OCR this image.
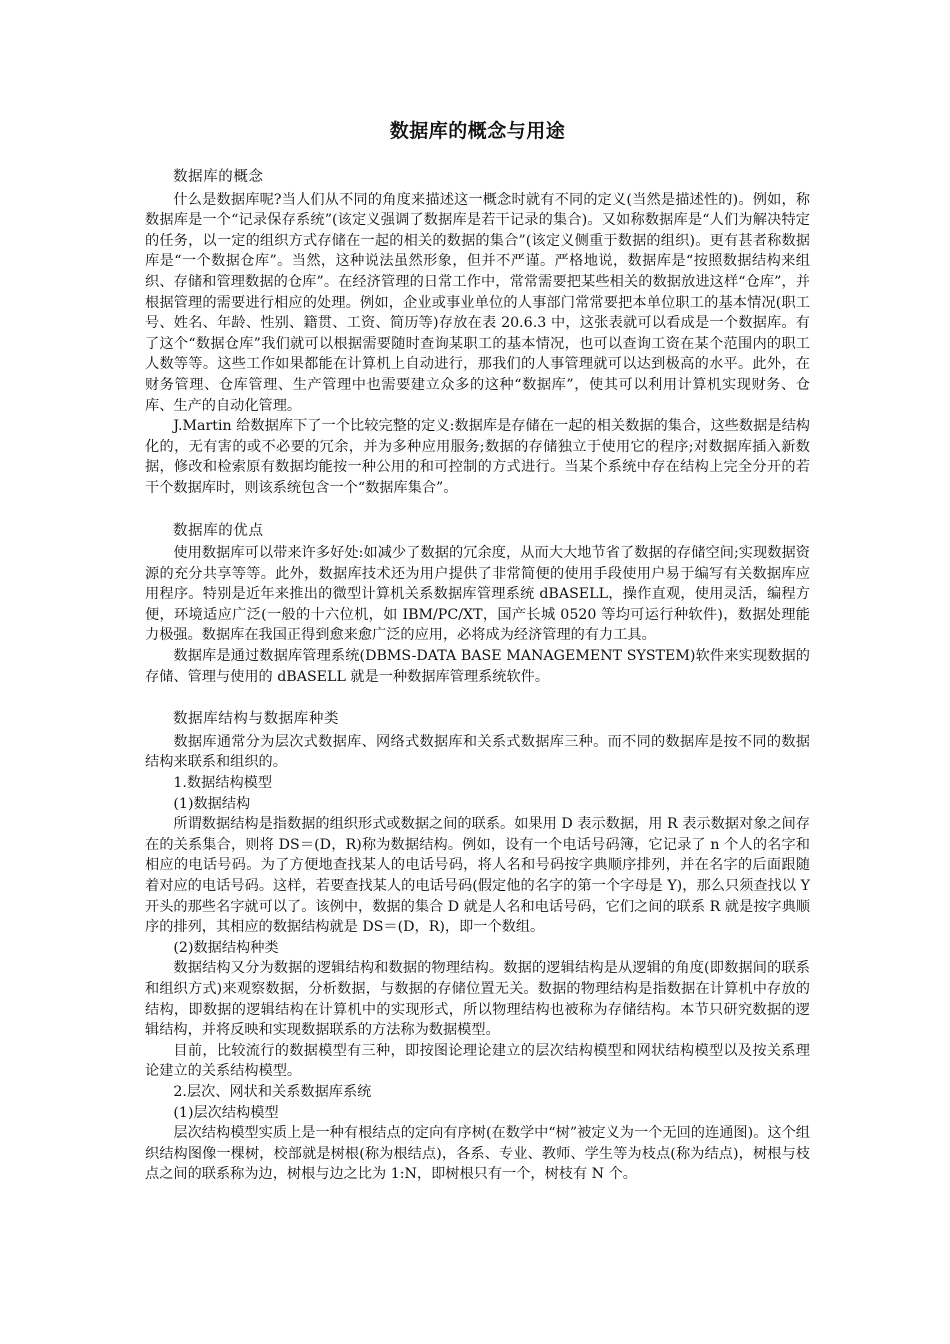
数据库的概念与用途

数据库的概念

什么是数据库呢?当人们从不同的角度来描述这一概念时就有不同的定义(当然是描述性的)。例如，称数据库是一个“记录保存系统”(该定义强调了数据库是若干记录的集合)。又如称数据库是“人们为解决特定的任务，以一定的组织方式存储在一起的相关的数据的集合”(该定义侧重于数据的组织)。更有甚者称数据库是“一个数据仓库”。当然，这种说法虽然形象，但并不严谨。严格地说，数据库是“按照数据结构来组织、存储和管理数据的仓库”。在经济管理的日常工作中，常常需要把某些相关的数据放进这样“仓库”，并根据管理的需要进行相应的处理。例如，企业或事业单位的人事部门常常要把本单位职工的基本情况(职工号、姓名、年龄、性别、籍贯、工资、简历等)存放在表 20.6.3 中，这张表就可以看成是一个数据库。有了这个“数据仓库”我们就可以根据需要随时查询某职工的基本情况，也可以查询工资在某个范围内的职工人数等等。这些工作如果都能在计算机上自动进行，那我们的人事管理就可以达到极高的水平。此外，在财务管理、仓库管理、生产管理中也需要建立众多的这种“数据库”，使其可以利用计算机实现财务、仓库、生产的自动化管理。

J.Martin 给数据库下了一个比较完整的定义:数据库是存储在一起的相关数据的集合，这些数据是结构化的，无有害的或不必要的冗余，并为多种应用服务;数据的存储独立于使用它的程序;对数据库插入新数据，修改和检索原有数据均能按一种公用的和可控制的方式进行。当某个系统中存在结构上完全分开的若干个数据库时，则该系统包含一个“数据库集合”。

数据库的优点

使用数据库可以带来许多好处:如减少了数据的冗余度，从而大大地节省了数据的存储空间;实现数据资源的充分共享等等。此外，数据库技术还为用户提供了非常简便的使用手段使用户易于编写有关数据库应用程序。特别是近年来推出的微型计算机关系数据库管理系统 dBASELL，操作直观，使用灵活，编程方便，环境适应广泛(一般的十六位机，如 IBM/PC/XT，国产长城 0520 等均可运行种软件)，数据处理能力极强。数据库在我国正得到愈来愈广泛的应用，必将成为经济管理的有力工具。

数据库是通过数据库管理系统(DBMS-DATA BASE MANAGEMENT SYSTEM)软件来实现数据的存储、管理与使用的 dBASELL 就是一种数据库管理系统软件。

数据库结构与数据库种类

数据库通常分为层次式数据库、网络式数据库和关系式数据库三种。而不同的数据库是按不同的数据结构来联系和组织的。

1.数据结构模型

(1)数据结构

所谓数据结构是指数据的组织形式或数据之间的联系。如果用 D 表示数据，用 R 表示数据对象之间存在的关系集合，则将 DS＝(D，R)称为数据结构。例如，设有一个电话号码簿，它记录了 n 个人的名字和相应的电话号码。为了方便地查找某人的电话号码，将人名和号码按字典顺序排列，并在名字的后面跟随着对应的电话号码。这样，若要查找某人的电话号码(假定他的名字的第一个字母是 Y)，那么只须查找以 Y 开头的那些名字就可以了。该例中，数据的集合 D 就是人名和电话号码，它们之间的联系 R 就是按字典顺序的排列，其相应的数据结构就是 DS＝(D，R)，即一个数组。

(2)数据结构种类

数据结构又分为数据的逻辑结构和数据的物理结构。数据的逻辑结构是从逻辑的角度(即数据间的联系和组织方式)来观察数据，分析数据，与数据的存储位置无关。数据的物理结构是指数据在计算机中存放的结构，即数据的逻辑结构在计算机中的实现形式，所以物理结构也被称为存储结构。本节只研究数据的逻辑结构，并将反映和实现数据联系的方法称为数据模型。

目前，比较流行的数据模型有三种，即按图论理论建立的层次结构模型和网状结构模型以及按关系理论建立的关系结构模型。

2.层次、网状和关系数据库系统

(1)层次结构模型

层次结构模型实质上是一种有根结点的定向有序树(在数学中“树”被定义为一个无回的连通图)。这个组织结构图像一棵树，校部就是树根(称为根结点)，各系、专业、教师、学生等为枝点(称为结点)，树根与枝点之间的联系称为边，树根与边之比为 1:N，即树根只有一个，树枝有 N 个。
